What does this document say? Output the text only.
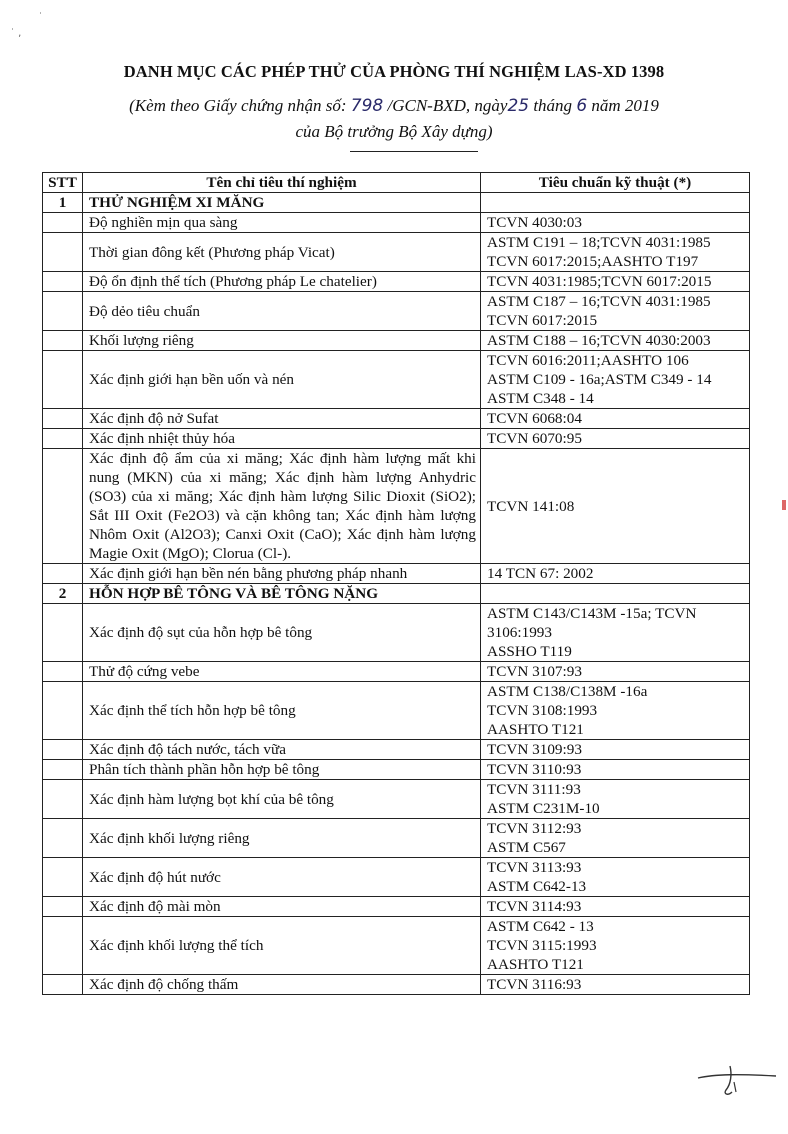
˙ ,
˙
DANH MỤC CÁC PHÉP THỬ CỦA PHÒNG THÍ NGHIỆM LAS-XD 1398
(Kèm theo Giấy chứng nhận số: 798 /GCN-BXD, ngày25 tháng 6 năm 2019
của Bộ trưởng Bộ Xây dựng)
STT	Tên chỉ tiêu thí nghiệm	Tiêu chuẩn kỹ thuật (*)
1	THỬ NGHIỆM XI MĂNG	
	Độ nghiền mịn qua sàng	TCVN 4030:03

	Thời gian đông kết (Phương pháp Vicat)	ASTM C191 – 18;TCVN 4031:1985
TCVN 6017:2015;AASHTO T197

	Độ ổn định thể tích (Phương pháp Le chatelier)	TCVN 4031:1985;TCVN 6017:2015

	Độ dẻo tiêu chuẩn	ASTM C187 – 16;TCVN 4031:1985
TCVN 6017:2015

	Khối lượng riêng	ASTM C188 – 16;TCVN 4030:2003

	Xác định giới hạn bền uốn và nén	TCVN 6016:2011;AASHTO 106
ASTM C109 - 16a;ASTM C349 - 14
ASTM C348 - 14

	Xác định độ nở Sufat	TCVN 6068:04

	Xác định nhiệt thủy hóa	TCVN 6070:95

	Xác định độ ẩm của xi măng; Xác định hàm lượng mất khi nung (MKN) của xi măng; Xác định hàm lượng Anhydric (SO3) của xi măng; Xác định hàm lượng Silic Dioxit (SiO2); Sắt III Oxit (Fe2O3) và cặn không tan; Xác định hàm lượng Nhôm Oxit (Al2O3); Canxi Oxit (CaO); Xác định hàm lượng Magie Oxit (MgO); Clorua (Cl-).	TCVN 141:08

	Xác định giới hạn bền nén bằng phương pháp nhanh	14 TCN 67: 2002

2	HỖN HỢP BÊ TÔNG VÀ BÊ TÔNG NẶNG	
	Xác định độ sụt của hỗn hợp bê tông	ASTM C143/C143M -15a; TCVN
3106:1993
ASSHO T119

	Thử độ cứng vebe	TCVN 3107:93

	Xác định thể tích hỗn hợp bê tông	ASTM C138/C138M -16a
TCVN 3108:1993
AASHTO T121

	Xác định độ tách nước, tách vữa	TCVN 3109:93

	Phân tích thành phần hỗn hợp bê tông	TCVN 3110:93

	Xác định hàm lượng bọt khí của bê tông	TCVN 3111:93
ASTM C231M-10

	Xác định khối lượng riêng	TCVN 3112:93
ASTM C567

	Xác định độ hút nước	TCVN 3113:93
ASTM C642-13

	Xác định độ mài mòn	TCVN 3114:93

	Xác định khối lượng thể tích	ASTM C642 - 13
TCVN 3115:1993
AASHTO T121

	Xác định độ chống thấm	TCVN 3116:93
